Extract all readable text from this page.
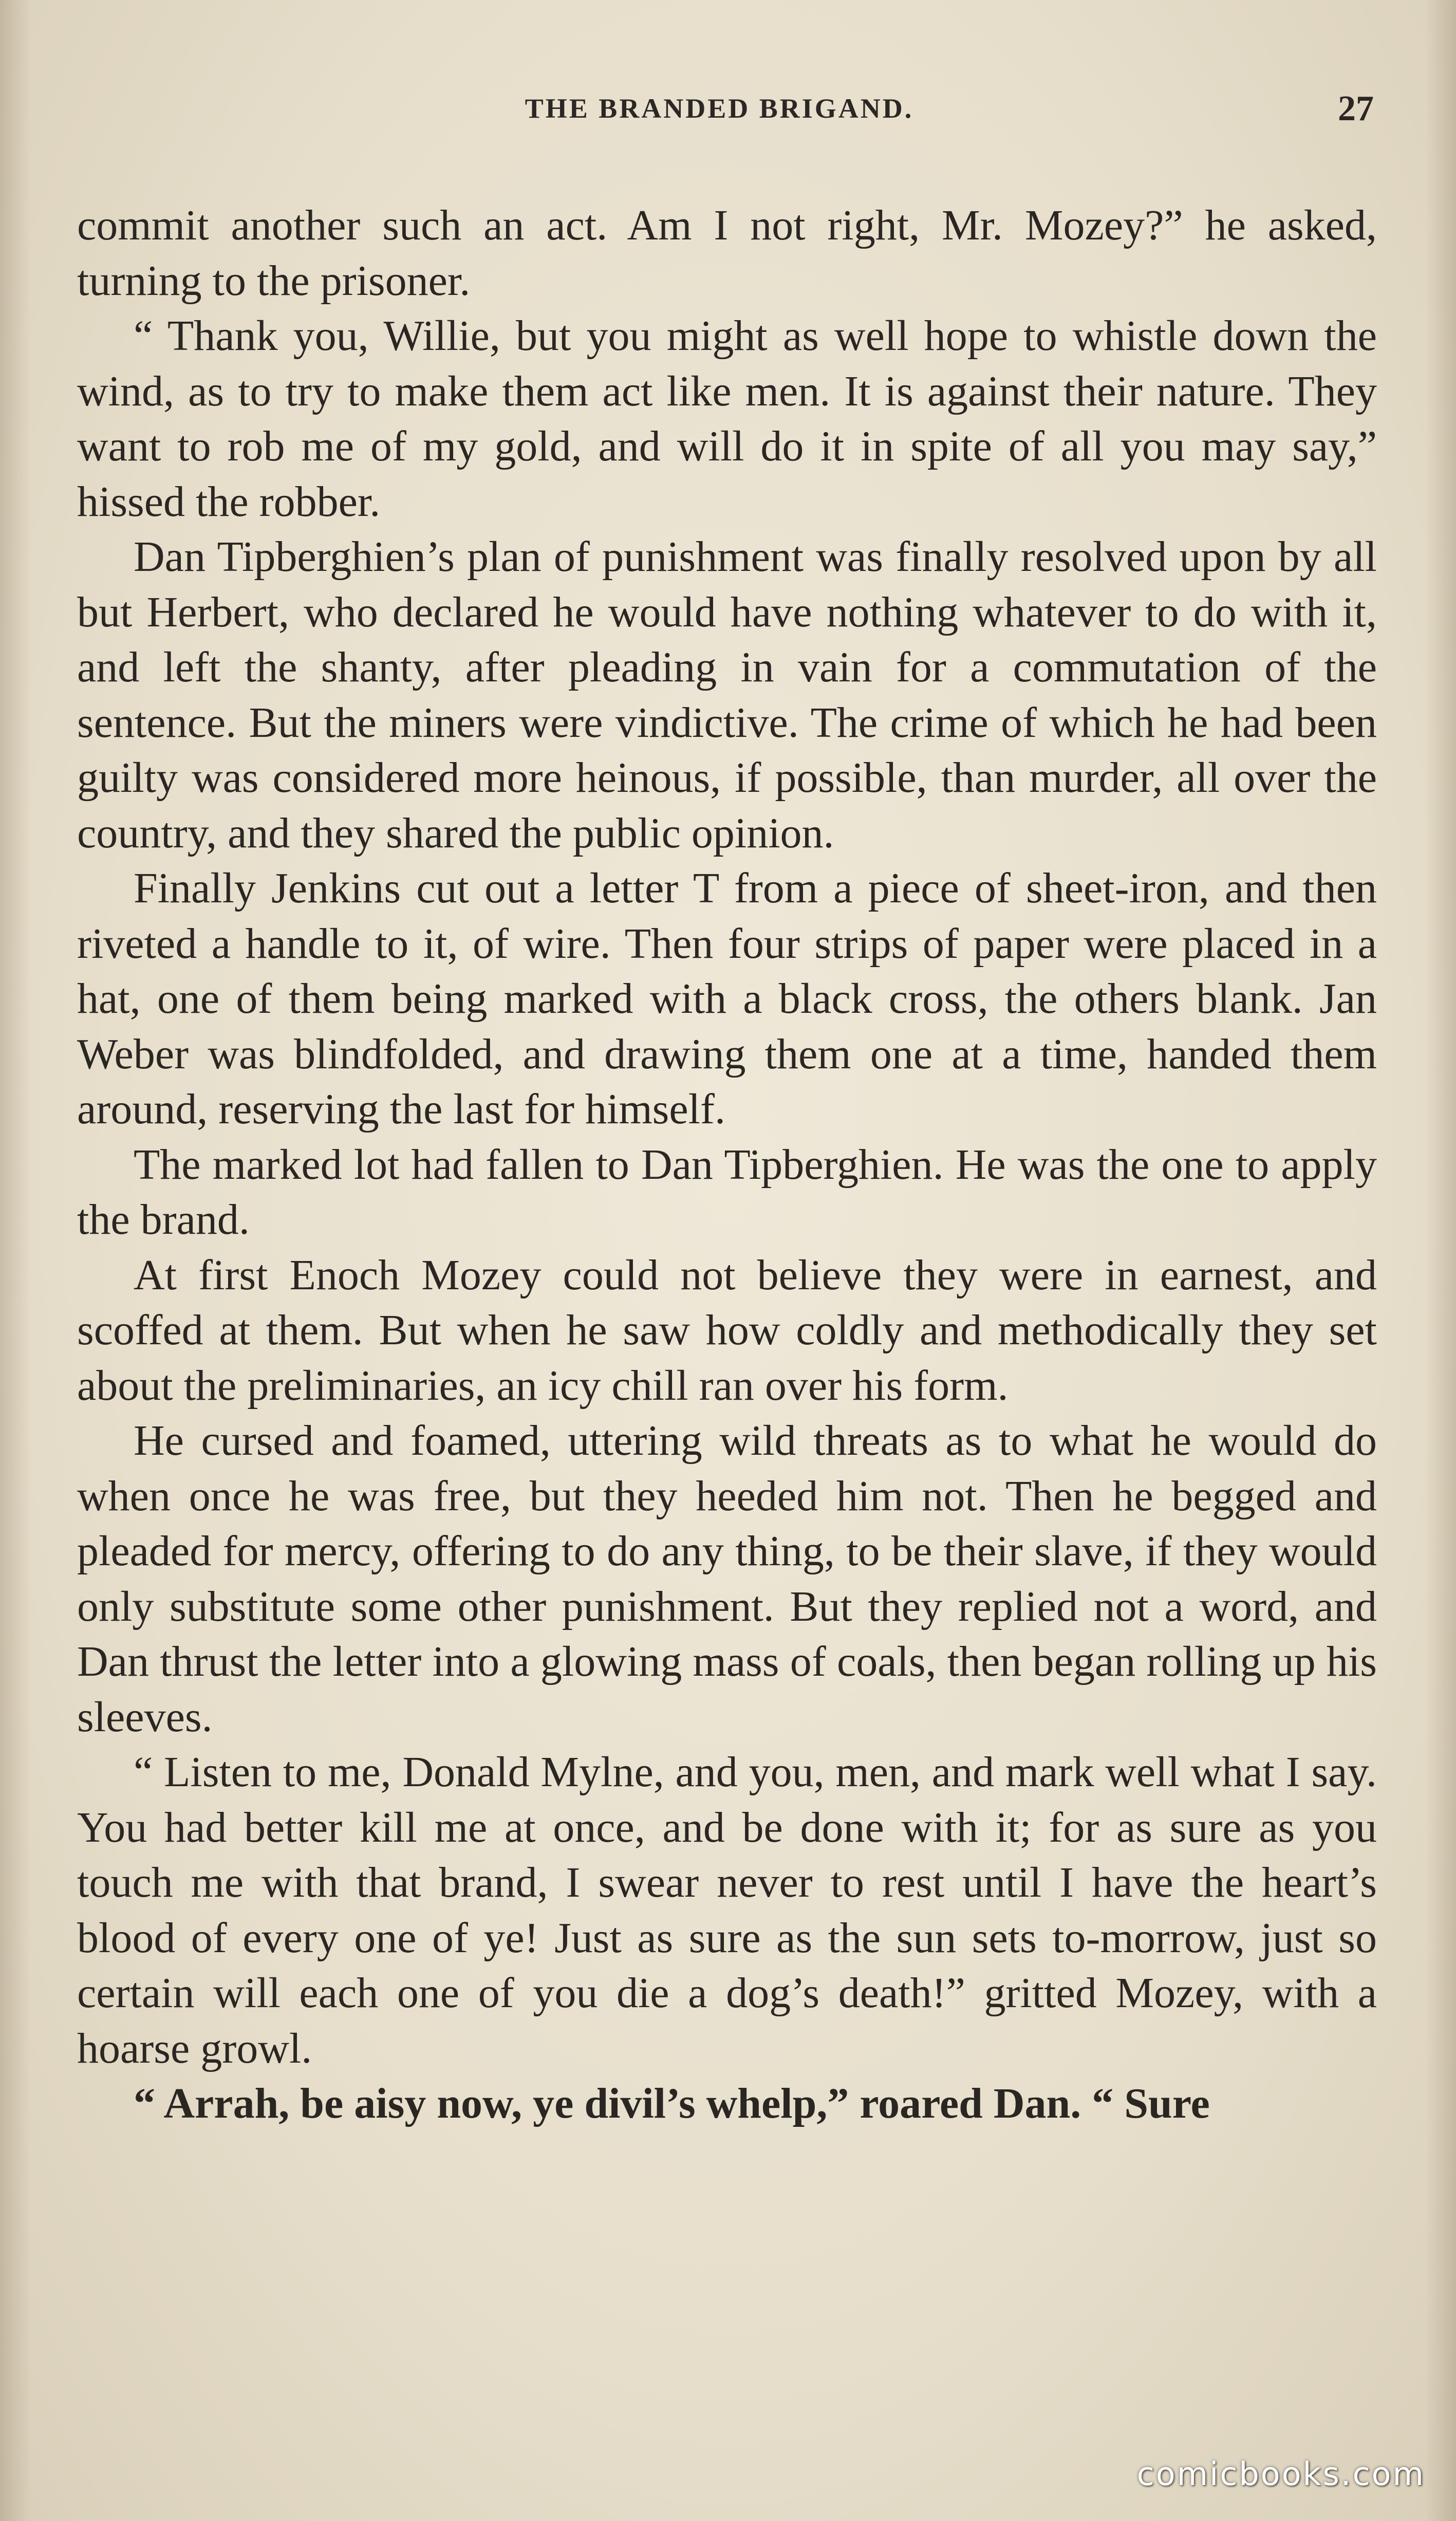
THE BRANDED BRIGAND.	27

commit another such an act. Am I not right, Mr. Mozey?” he asked, turning to the prisoner.

“ Thank you, Willie, but you might as well hope to whistle down the wind, as to try to make them act like men. It is against their nature. They want to rob me of my gold, and will do it in spite of all you may say,” hissed the robber.

Dan Tipberghien’s plan of punishment was finally resolved upon by all but Herbert, who declared he would have nothing whatever to do with it, and left the shanty, after pleading in vain for a commutation of the sentence. But the miners were vindictive. The crime of which he had been guilty was considered more heinous, if possible, than murder, all over the country, and they shared the public opinion.

Finally Jenkins cut out a letter T from a piece of sheet-iron, and then riveted a handle to it, of wire. Then four strips of paper were placed in a hat, one of them being marked with a black cross, the others blank. Jan Weber was blindfolded, and drawing them one at a time, handed them around, reserving the last for himself.

The marked lot had fallen to Dan Tipberghien. He was the one to apply the brand.

At first Enoch Mozey could not believe they were in earnest, and scoffed at them. But when he saw how coldly and methodically they set about the preliminaries, an icy chill ran over his form.

He cursed and foamed, uttering wild threats as to what he would do when once he was free, but they heeded him not. Then he begged and pleaded for mercy, offering to do any thing, to be their slave, if they would only substitute some other punishment. But they replied not a word, and Dan thrust the letter into a glowing mass of coals, then began rolling up his sleeves.

“ Listen to me, Donald Mylne, and you, men, and mark well what I say. You had better kill me at once, and be done with it; for as sure as you touch me with that brand, I swear never to rest until I have the heart’s blood of every one of ye! Just as sure as the sun sets to-morrow, just so certain will each one of you die a dog’s death!” gritted Mozey, with a hoarse growl.

“ Arrah, be aisy now, ye divil’s whelp,” roared Dan. “ Sure

comicbooks.com
